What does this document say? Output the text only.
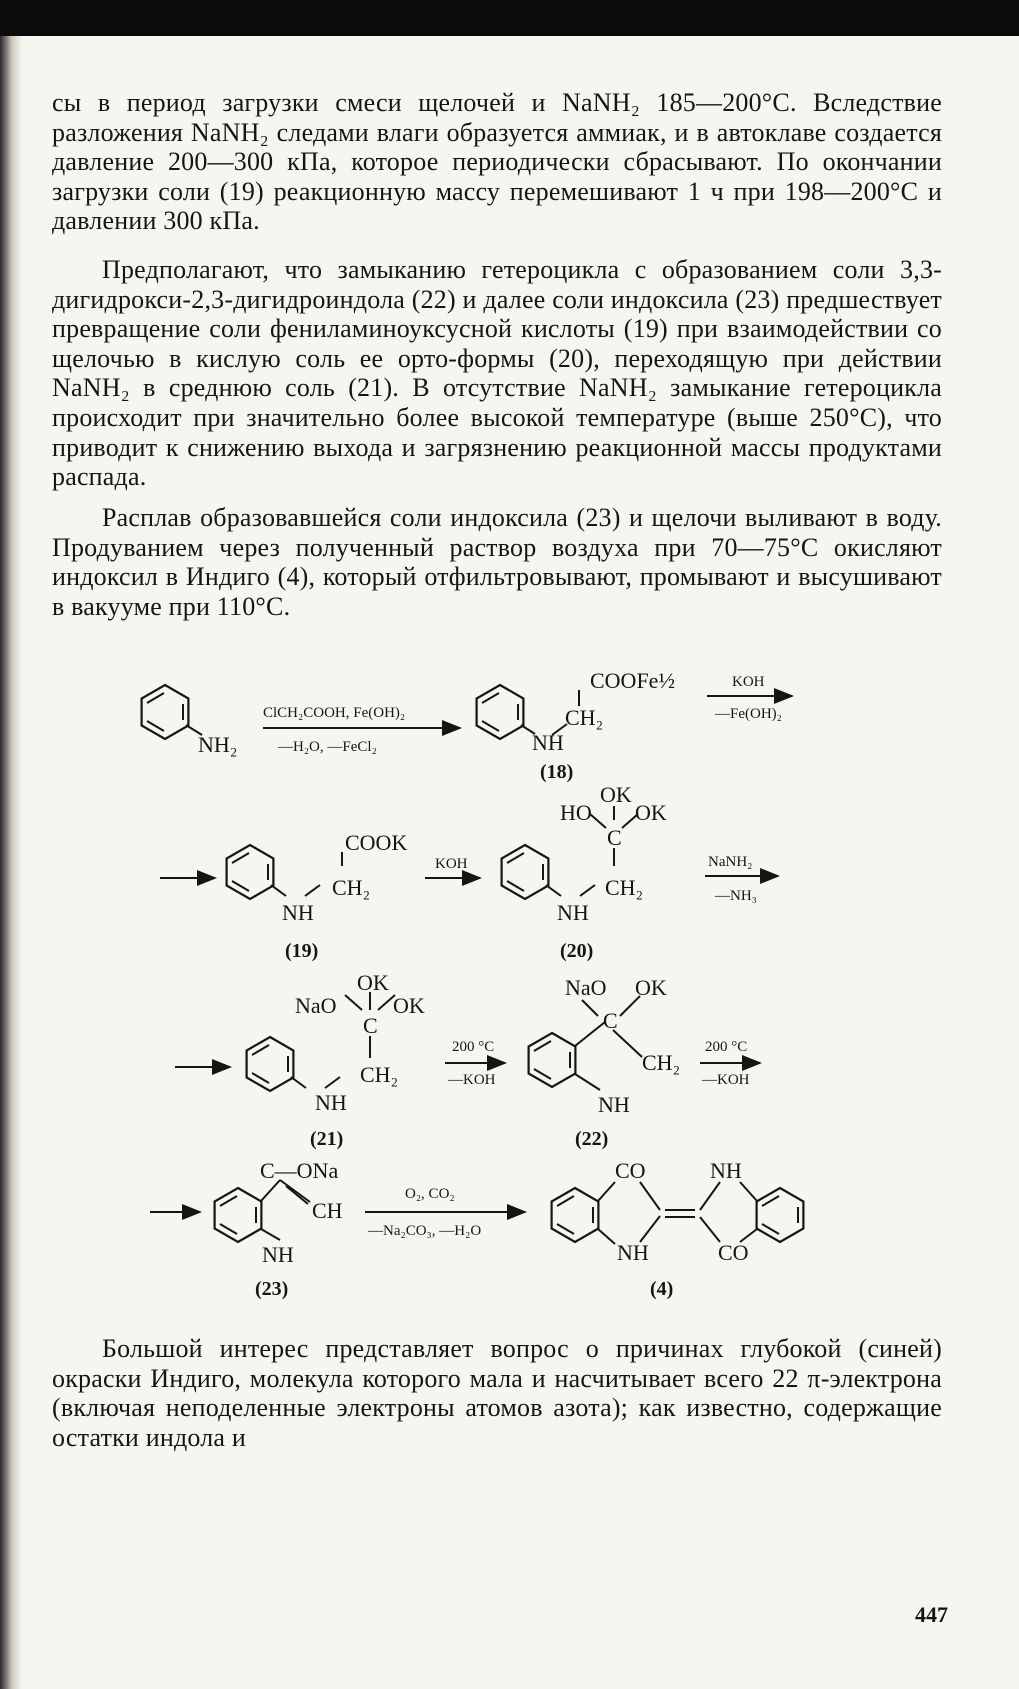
сы в период загрузки смеси щелочей и NaNH₂ 185—200°C. Вследствие разложения NaNH₂ следами влаги образуется аммиак, и в автоклаве создается давление 200—300 кПа, которое периодически сбрасывают. По окончании загрузки соли (19) реакционную массу перемешивают 1 ч при 198—200°C и давлении 300 кПа.

Предполагают, что замыканию гетероцикла с образованием соли 3,3-дигидрокси-2,3-дигидроиндола (22) и далее соли индоксила (23) предшествует превращение соли фениламиноуксусной кислоты (19) при взаимодействии со щелочью в кислую соль ее орто-формы (20), переходящую при действии NaNH₂ в среднюю соль (21). В отсутствие NaNH₂ замыкание гетероцикла происходит при значительно более высокой температуре (выше 250°C), что приводит к снижению выхода и загрязнению реакционной массы продуктами распада.

Расплав образовавшейся соли индоксила (23) и щелочи выливают в воду. Продуванием через полученный раствор воздуха при 70—75°C окисляют индоксил в Индиго (4), который отфильтровывают, промывают и высушивают в вакууме при 110°C.

NH₂
ClCH₂COOH, Fe(OH)₂
—H₂O, —FeCl₂
COOFe½
CH₂
NH
(18)
KOH
—Fe(OH)₂
COOK
CH₂
NH
(19)
KOH
OK
HO OK
C
CH₂
NH
(20)
NaNH₂
—NH₃
OK
NaO	OK
C
CH₂
NH
(21)
200 °C
—KOH
NaO OK
C
CH₂
NH
(22)
200 °C
—KOH
C—ONa
CH
NH
(23)
O₂, CO₂
—Na₂CO₃, —H₂O
CO	NH
NH	CO
(4)

Большой интерес представляет вопрос о причинах глубокой (синей) окраски Индиго, молекула которого мала и насчитывает всего 22 π-электрона (включая неподеленные электроны атомов азота); как известно, содержащие остатки индола и

447
